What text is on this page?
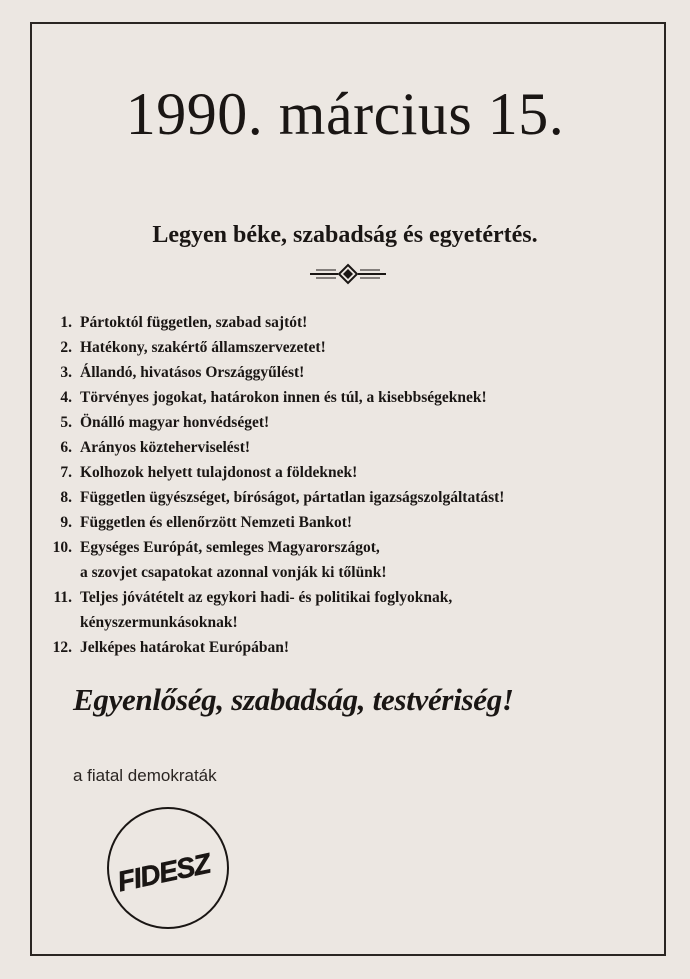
1990. március 15.
Legyen béke, szabadság és egyetértés.
1. Pártoktól független, szabad sajtót!
2. Hatékony, szakértő államszervezetet!
3. Állandó, hivatásos Országgyűlést!
4. Törvényes jogokat, határokon innen és túl, a kisebbségeknek!
5. Önálló magyar honvédséget!
6. Arányos közteherviselést!
7. Kolhozok helyett tulajdonost a földeknek!
8. Független ügyészséget, bíróságot, pártatlan igazságszolgáltatást!
9. Független és ellenőrzött Nemzeti Bankot!
10. Egységes Európát, semleges Magyarországot,
a szovjet csapatokat azonnal vonják ki tőlünk!
11. Teljes jóvátételt az egykori hadi- és politikai foglyoknak,
kényszermunkásoknak!
12. Jelképes határokat Európában!
Egyenlőség, szabadság, testvériség!
a fiatal demokraták
FIDESZ
